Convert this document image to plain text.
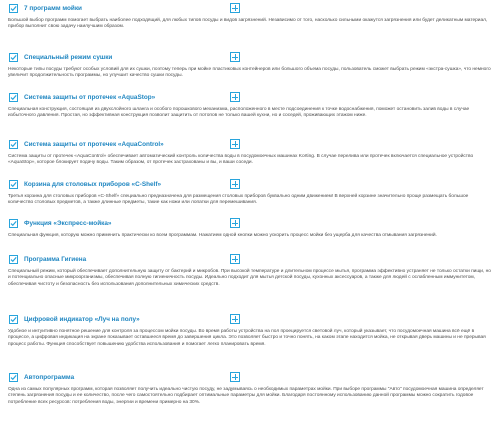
7 программ мойки

Большой выбор программ помогает выбрать наиболее подходящий, для любых типов посуды и видов загрязнений. Независимо от того, насколько сильными окажутся загрязнения или будет деликатным материал, прибор выполнит свою задачу наилучшим образом.

Специальный режим сушки

Некоторые типы посуды требуют особых условий для их сушки, поэтому теперь при мойке пластиковых контейнеров или большого объема посуды, пользователь сможет выбрать режим «экстра-сушка», что немного увеличит продолжительность программы, но улучшит качество сушки посуды.

Система защиты от протечек «AquaStop»

Специальная конструкция, состоящая из двухслойного шланга и особого порошкового механизма, расположенного в месте подсоединения к точке водоснабжения, поможет остановить залив воды в случае избыточного давления. Простая, но эффективная конструкция позволит защитить от потопов не только вашей кухни, но и соседей, проживающих этажом ниже.

Система защиты от протечек «AquaControl»

Система защиты от протечек «AquaControl» обеспечивает автоматический контроль количества воды в посудомоечных машинах Korting. В случае перелива или протечек включается специальное устройство «AquaStop», которое блокирует подачу воды. Таким образом, от протечек застрахованы и вы, и ваши соседи.

Корзина для столовых приборов «C-Shelf»

Третья корзина для столовых приборов «C-Shelf» специально предназначена для размещения столовых приборов буквально одним движением! В верхней корзине значительно проще размещать большое количество столовых предметов, а также длинные предметы, такие как ножи или лопатки для перемешивания.

Функция «Экспресс-мойка»

Специальная функция, которую можно применить практически ко всем программам. Нажатием одной кнопки можно ускорить процесс мойки без ущерба для качества отмывания загрязнений.

Программа Гигиена

Специальный режим, который обеспечивает дополнительную защиту от бактерий и микробов. При высокой температуре и длительном процессе мытья, программа эффективно устраняет не только остатки пищи, но и потенциально опасные микроорганизмы, обеспечивая полную гигиеничность посуды. Идеально подходит для мытья детской посуды, кухонных аксессуаров, а также для людей с ослабленным иммунитетом, обеспечивая чистоту и безопасность без использования дополнительных химических средств.

Цифровой индикатор «Луч на полу»

Удобное и интуитивно понятное решение для контроля за процессом мойки посуды. Во время работы устройства на пол проецируется световой луч, который указывает, что посудомоечная машина всё ещё в процессе, а цифровая индикация на экране показывает оставшееся время до завершения цикла. Это позволяет быстро и точно понять, на каком этапе находится мойка, не открывая дверь машины и не прерывая процесс работы. Функция способствует повышению удобства использования и помогает легко планировать время.

Автопрограмма

Одна из самых популярных программ, которая позволяет получить идеально чистую посуду, не задумываясь о необходимых параметрах мойки. При выборе программы "Авто" посудомоечная машина определяет степень загрязнения посуды и ее количество, после чего самостоятельно подбирает оптимальные параметры для мойки. Благодаря постоянному использованию данной программы можно сократить годовое потребление всех ресурсов: потребления воды, энергии и времени примерно на 30%.
